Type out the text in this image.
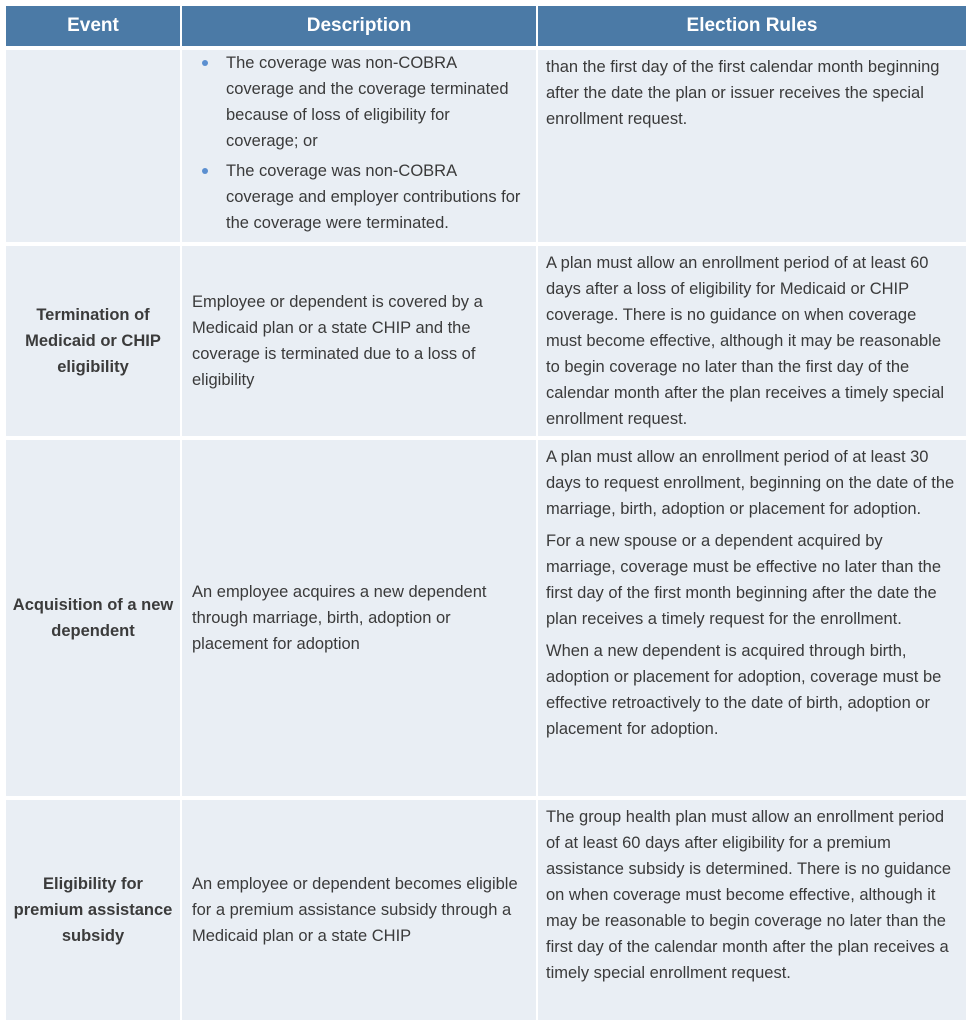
Event	Description	Election Rules
The coverage was non-COBRA coverage and the coverage terminated because of loss of eligibility for coverage; or
The coverage was non-COBRA coverage and employer contributions for the coverage were terminated.

than the first day of the first calendar month beginning after the date the plan or issuer receives the special enrollment request.

Termination of Medicaid or CHIP eligibility
Employee or dependent is covered by a Medicaid plan or a state CHIP and the coverage is terminated due to a loss of eligibility

A plan must allow an enrollment period of at least 60 days after a loss of eligibility for Medicaid or CHIP coverage. There is no guidance on when coverage must become effective, although it may be reasonable to begin coverage no later than the first day of the calendar month after the plan receives a timely special enrollment request.

Acquisition of a new dependent
An employee acquires a new dependent through marriage, birth, adoption or placement for adoption

A plan must allow an enrollment period of at least 30 days to request enrollment, beginning on the date of the marriage, birth, adoption or placement for adoption.

For a new spouse or a dependent acquired by marriage, coverage must be effective no later than the first day of the first month beginning after the date the plan receives a timely request for the enrollment.

When a new dependent is acquired through birth, adoption or placement for adoption, coverage must be effective retroactively to the date of birth, adoption or placement for adoption.

Eligibility for premium assistance subsidy
An employee or dependent becomes eligible for a premium assistance subsidy through a Medicaid plan or a state CHIP

The group health plan must allow an enrollment period of at least 60 days after eligibility for a premium assistance subsidy is determined. There is no guidance on when coverage must become effective, although it may be reasonable to begin coverage no later than the first day of the calendar month after the plan receives a timely special enrollment request.
